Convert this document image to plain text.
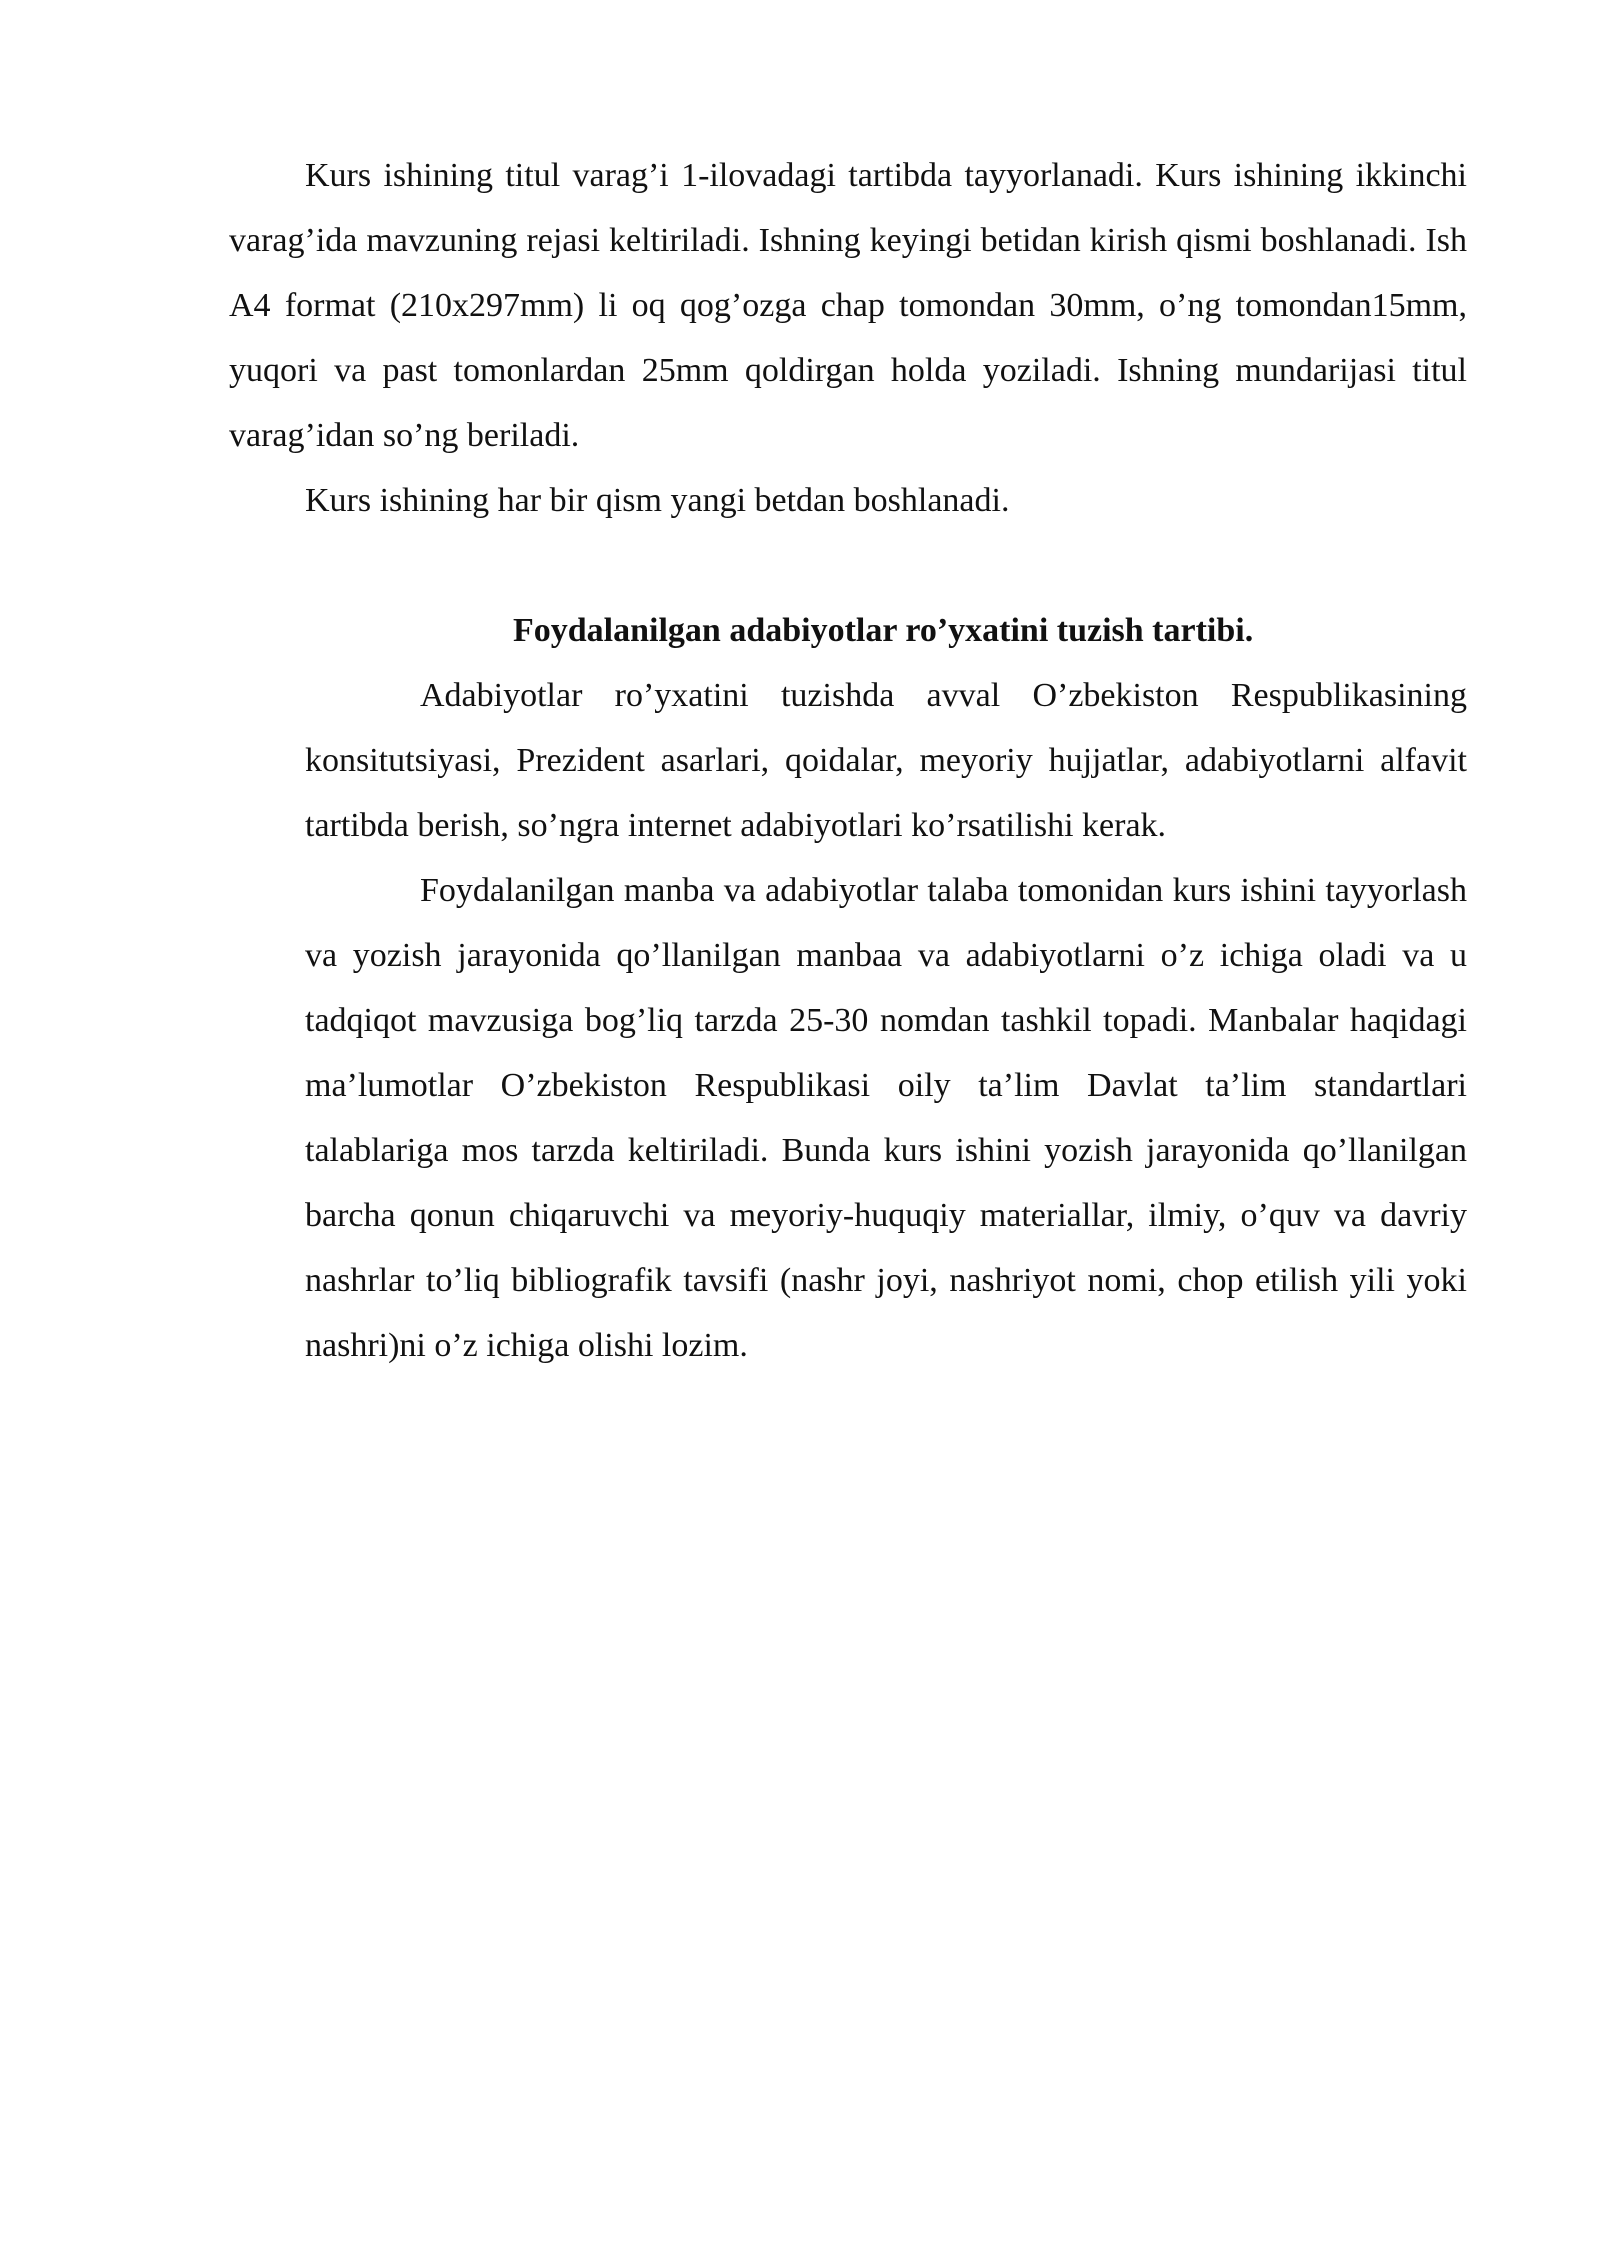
Kurs ishining titul varag’i 1-ilovadagi tartibda tayyorlanadi. Kurs ishining ikkinchi varag’ida mavzuning rejasi keltiriladi. Ishning keyingi betidan kirish qismi boshlanadi. Ish A4 format (210x297mm) li oq qog’ozga chap tomondan 30mm, o’ng tomondan15mm, yuqori va past tomonlardan 25mm qoldirgan holda yoziladi. Ishning mundarijasi titul varag’idan so’ng beriladi.

Kurs ishining har bir qism yangi betdan boshlanadi.

Foydalanilgan adabiyotlar ro’yxatini tuzish tartibi.

Adabiyotlar ro’yxatini tuzishda avval O’zbekiston Respublikasining konsitutsiyasi, Prezident asarlari, qoidalar, meyoriy hujjatlar, adabiyotlarni alfavit tartibda berish, so’ngra internet adabiyotlari ko’rsatilishi kerak.

Foydalanilgan manba va adabiyotlar talaba tomonidan kurs ishini tayyorlash va yozish jarayonida qo’llanilgan manbaa va adabiyotlarni o’z ichiga oladi va u tadqiqot mavzusiga bog’liq tarzda 25-30 nomdan tashkil topadi. Manbalar haqidagi ma’lumotlar O’zbekiston Respublikasi oily ta’lim Davlat ta’lim standartlari talablariga mos tarzda keltiriladi. Bunda kurs ishini yozish jarayonida qo’llanilgan barcha qonun chiqaruvchi va meyoriy-huquqiy materiallar, ilmiy, o’quv va davriy nashrlar to’liq bibliografik tavsifi (nashr joyi, nashriyot nomi, chop etilish yili yoki nashri)ni o’z ichiga olishi lozim.
